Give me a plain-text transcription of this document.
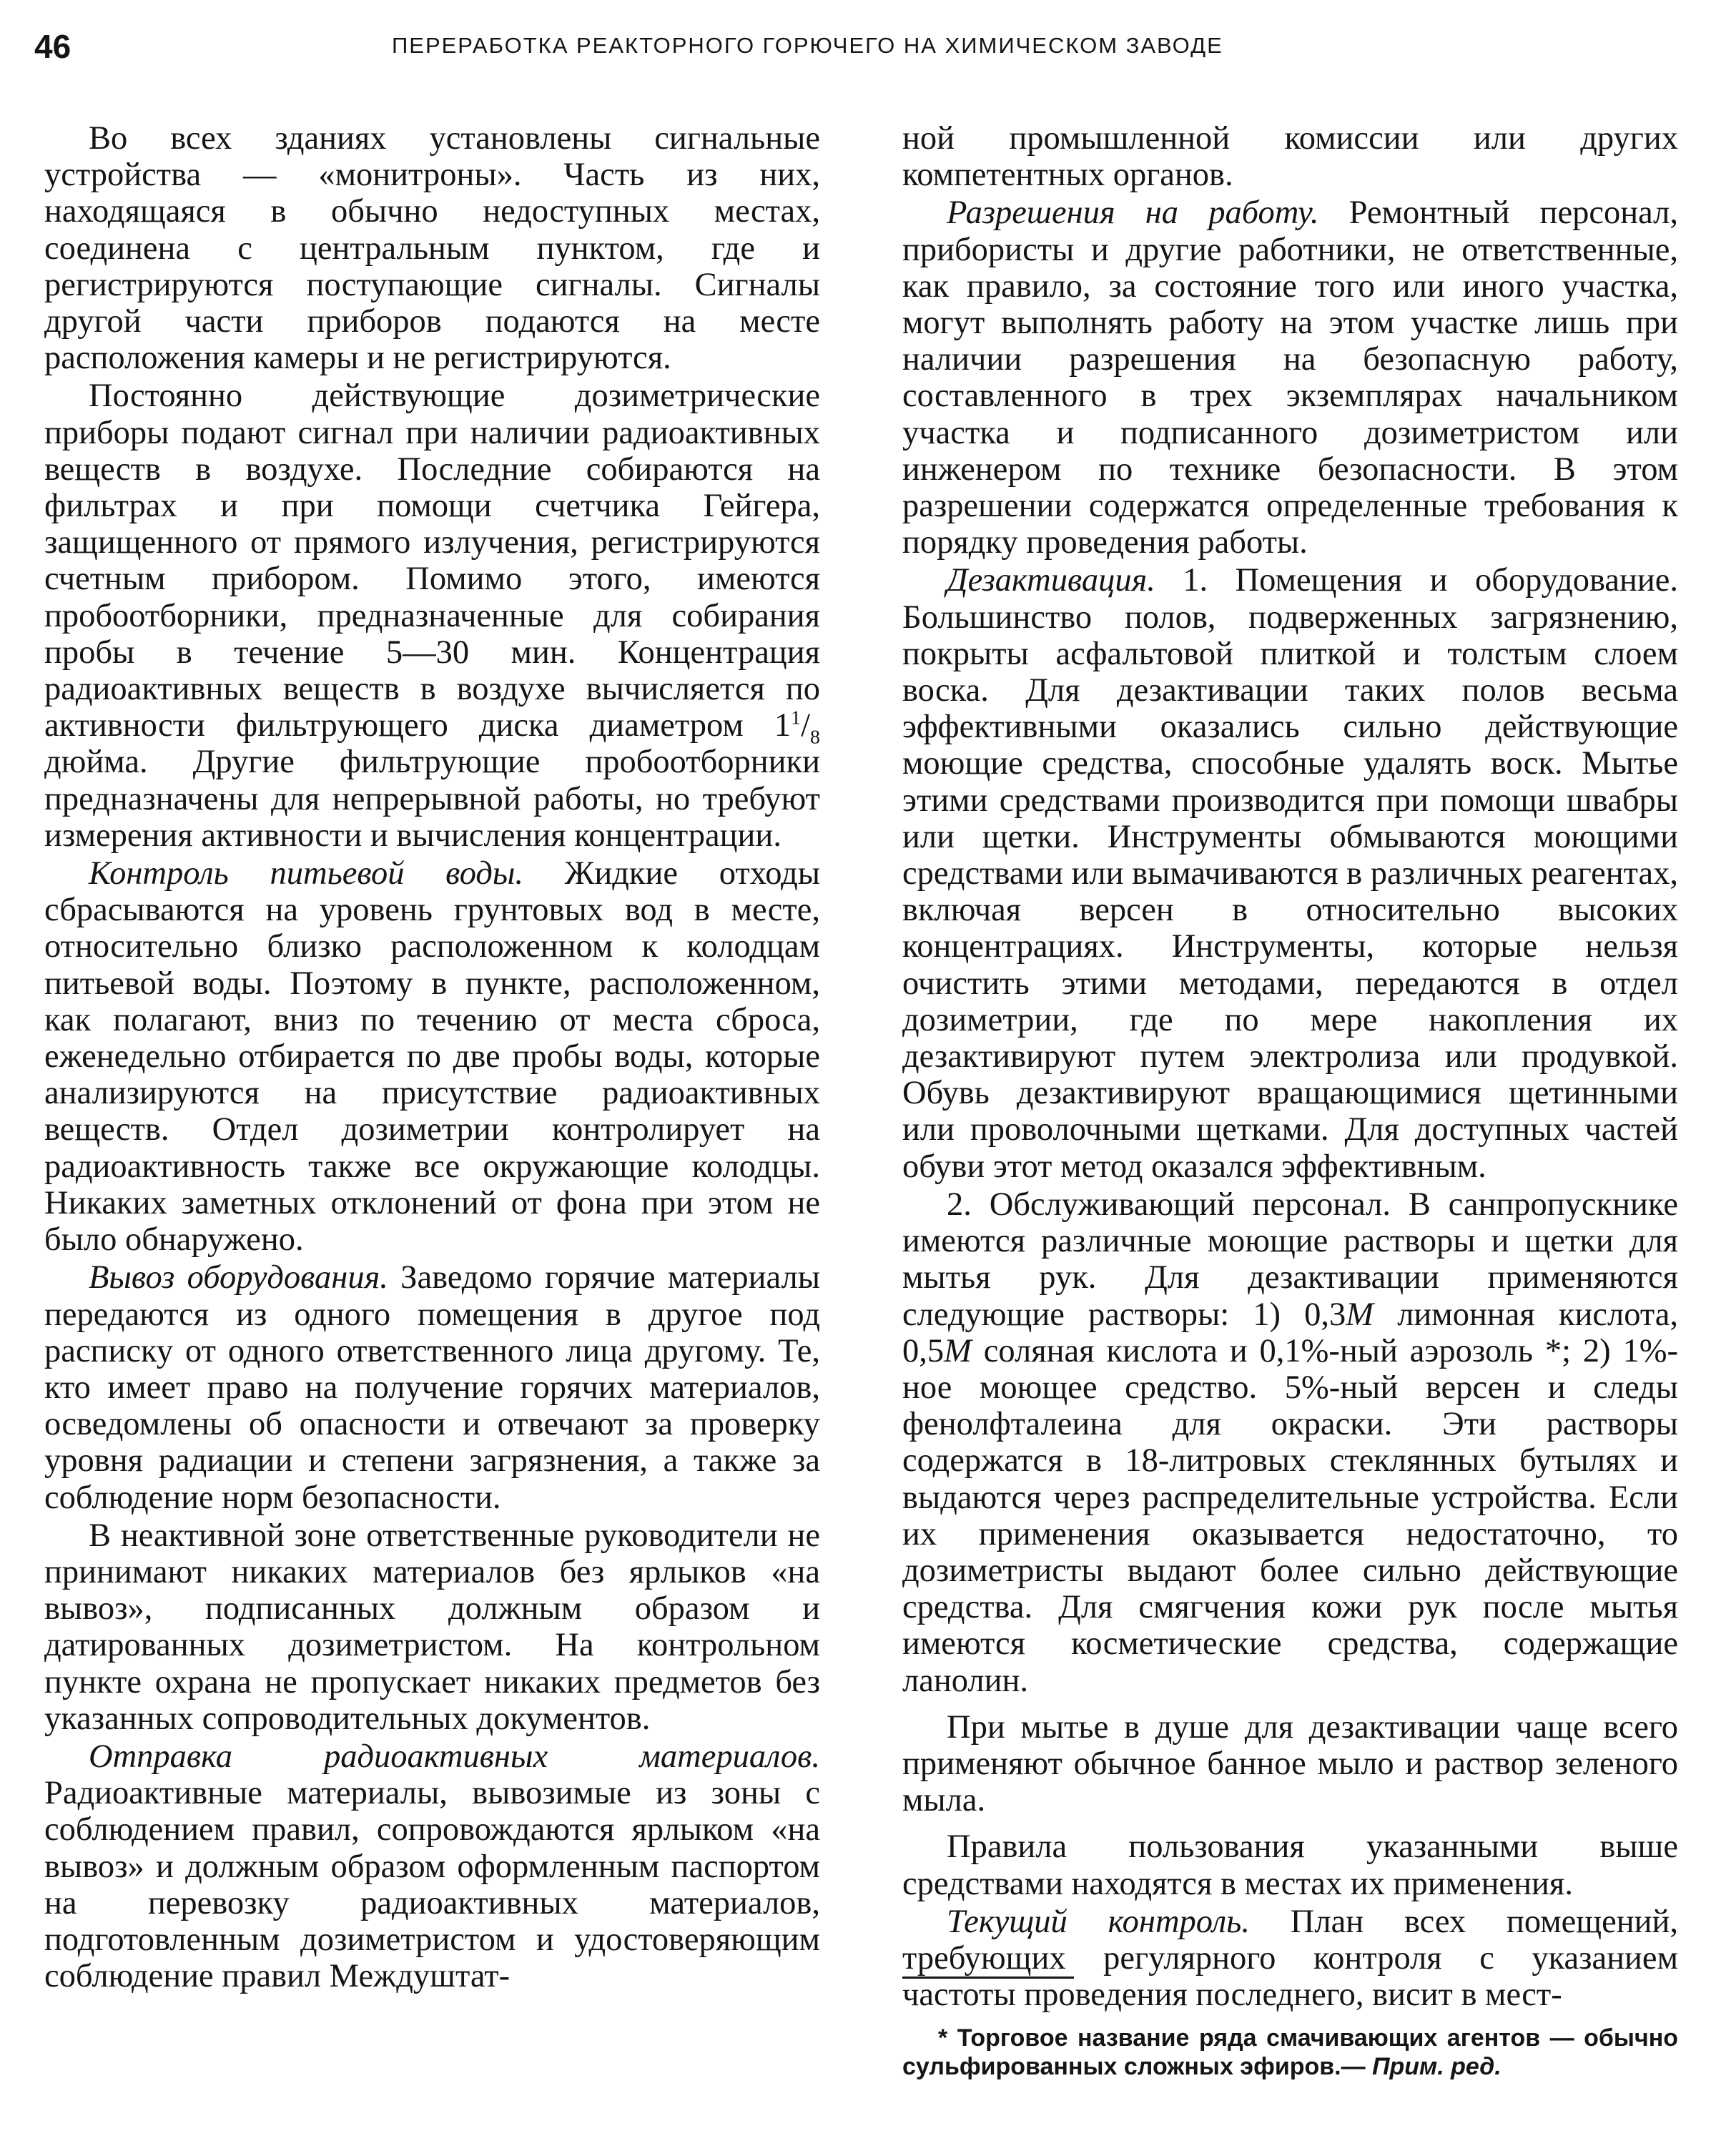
46	ПЕРЕРАБОТКА РЕАКТОРНОГО ГОРЮЧЕГО НА ХИМИЧЕСКОМ ЗАВОДЕ

Во всех зданиях установлены сигнальные устройства — «монитроны». Часть из них, находящаяся в обычно недоступных местах, соединена с центральным пунктом, где и регистрируются поступающие сигналы. Сигналы другой части приборов подаются на месте расположения камеры и не регистрируются.

Постоянно действующие дозиметрические приборы подают сигнал при наличии радиоактивных веществ в воздухе. Последние собираются на фильтрах и при помощи счетчика Гейгера, защищенного от прямого излучения, регистрируются счетным прибором. Помимо этого, имеются пробоотборники, предназначенные для собирания пробы в течение 5—30 мин. Концентрация радиоактивных веществ в воздухе вычисляется по активности фильтрующего диска диаметром $1^1/_8$ дюйма. Другие фильтрующие пробоотборники предназначены для непрерывной работы, но требуют измерения активности и вычисления концентрации.

Контроль питьевой воды. Жидкие отходы сбрасываются на уровень грунтовых вод в месте, относительно близко расположенном к колодцам питьевой воды. Поэтому в пункте, расположенном, как полагают, вниз по течению от места сброса, еженедельно отбирается по две пробы воды, которые анализируются на присутствие радиоактивных веществ. Отдел дозиметрии контролирует на радиоактивность также все окружающие колодцы. Никаких заметных отклонений от фона при этом не было обнаружено.

Вывоз оборудования. Заведомо горячие материалы передаются из одного помещения в другое под расписку от одного ответственного лица другому. Те, кто имеет право на получение горячих материалов, осведомлены об опасности и отвечают за проверку уровня радиации и степени загрязнения, а также за соблюдение норм безопасности.

В неактивной зоне ответственные руководители не принимают никаких материалов без ярлыков «на вывоз», подписанных должным образом и датированных дозиметристом. На контрольном пункте охрана не пропускает никаких предметов без указанных сопроводительных документов.

Отправка радиоактивных материалов. Радиоактивные материалы, вывозимые из зоны с соблюдением правил, сопровождаются ярлыком «на вывоз» и должным образом оформленным паспортом на перевозку радиоактивных материалов, подготовленным дозиметристом и удостоверяющим соблюдение правил Междуштат-

ной промышленной комиссии или других компетентных органов.

Разрешения на работу. Ремонтный персонал, прибористы и другие работники, не ответственные, как правило, за состояние того или иного участка, могут выполнять работу на этом участке лишь при наличии разрешения на безопасную работу, составленного в трех экземплярах начальником участка и подписанного дозиметристом или инженером по технике безопасности. В этом разрешении содержатся определенные требования к порядку проведения работы.

Дезактивация. 1. Помещения и оборудование. Большинство полов, подверженных загрязнению, покрыты асфальтовой плиткой и толстым слоем воска. Для дезактивации таких полов весьма эффективными оказались сильно действующие моющие средства, способные удалять воск. Мытье этими средствами производится при помощи швабры или щетки. Инструменты обмываются моющими средствами или вымачиваются в различных реагентах, включая версен в относительно высоких концентрациях. Инструменты, которые нельзя очистить этими методами, передаются в отдел дозиметрии, где по мере накопления их дезактивируют путем электролиза или продувкой. Обувь дезактивируют вращающимися щетинными или проволочными щетками. Для доступных частей обуви этот метод оказался эффективным.

2. Обслуживающий персонал. В санпропускнике имеются различные моющие растворы и щетки для мытья рук. Для дезактивации применяются следующие растворы: 1) 0,3M лимонная кислота, 0,5M соляная кислота и 0,1%-ный аэрозоль *; 2) 1%-ное моющее средство. 5%-ный версен и следы фенолфталеина для окраски. Эти растворы содержатся в 18-литровых стеклянных бутылях и выдаются через распределительные устройства. Если их применения оказывается недостаточно, то дозиметристы выдают более сильно действующие средства. Для смягчения кожи рук после мытья имеются косметические средства, содержащие ланолин.

При мытье в душе для дезактивации чаще всего применяют обычное банное мыло и раствор зеленого мыла.

Правила пользования указанными выше средствами находятся в местах их применения.

Текущий контроль. План всех помещений, требующих регулярного контроля с указанием частоты проведения последнего, висит в мест-

* Торговое название ряда смачивающих агентов — обычно сульфированных сложных эфиров.— Прим. ред.
